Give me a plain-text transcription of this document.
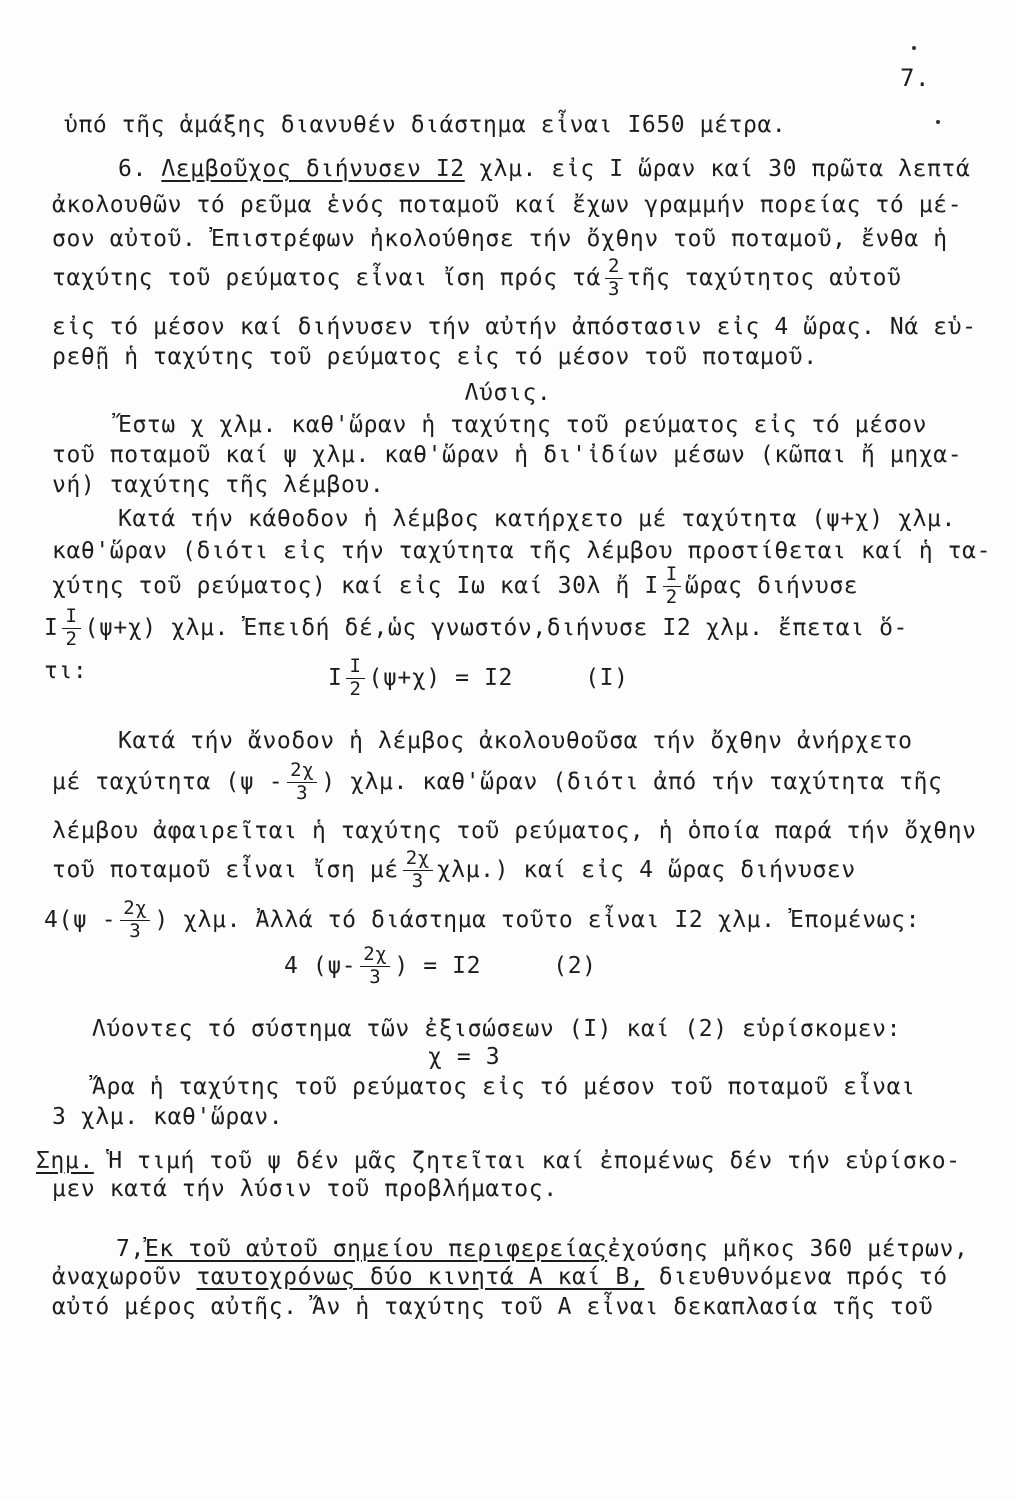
7.
ὑπό τῆς ἁμάξης διανυθέν διάστημα εἶναι Ι650 μέτρα.
6. Λεμβοῦχος διήνυσεν Ι2 χλμ. εἰς Ι ὥραν καί 30 πρῶτα λεπτά
ἀκολουθῶν τό ρεῦμα ἑνός ποταμοῦ καί ἔχων γραμμήν πορείας τό μέ-
σον αὐτοῦ. Ἐπιστρέφων ἠκολούθησε τήν ὄχθην τοῦ ποταμοῦ, ἔνθα ἡ
ταχύτης τοῦ ρεύματος εἶναι ἴση πρός τά $\frac{2}{3}$ τῆς ταχύτητος αὐτοῦ
εἰς τό μέσον καί διήνυσεν τήν αὐτήν ἀπόστασιν εἰς 4 ὥρας. Νά εὑ-
ρεθῇ ἡ ταχύτης τοῦ ρεύματος εἰς τό μέσον τοῦ ποταμοῦ.
Λύσις.
Ἔστω χ χλμ. καθ'ὥραν ἡ ταχύτης τοῦ ρεύματος εἰς τό μέσον
τοῦ ποταμοῦ καί ψ χλμ. καθ'ὥραν ἡ δι'ἰδίων μέσων (κῶπαι ἤ μηχα-
νή) ταχύτης τῆς λέμβου.
Κατά τήν κάθοδον ἡ λέμβος κατήρχετο μέ ταχύτητα (ψ+χ) χλμ.
καθ'ὥραν (διότι εἰς τήν ταχύτητα τῆς λέμβου προστίθεται καί ἡ τα-
χύτης τοῦ ρεύματος) καί εἰς Ιω καί 30λ ἤ Ι $\frac{I}{2}$ ὥρας διήνυσε
Ι $\frac{I}{2} (\psi+\chi)$ χλμ. Ἐπειδή δέ,ὡς γνωστόν,διήνυσε Ι2 χλμ. ἔπεται ὅ-
τι:	Ι $\frac{I}{2} (\psi+\chi) = I2$     (Ι)
Κατά τήν ἄνοδον ἡ λέμβος ἀκολουθοῦσα τήν ὄχθην ἀνήρχετο
μέ ταχύτητα ($\psi - \frac{2\chi}{3}$ ) χλμ. καθ'ὥραν (διότι ἀπό τήν ταχύτητα τῆς
λέμβου ἀφαιρεῖται ἡ ταχύτης τοῦ ρεύματος, ἡ ὁποία παρά τήν ὄχθην
τοῦ ποταμοῦ εἶναι ἴση μέ $\frac{2\chi}{3} \chi\lambda\mu$.) καί εἰς 4 ὥρας διήνυσεν
$4(\psi - \frac{2\chi}{3}$ ) χλμ. Ἀλλά τό διάστημα τοῦτο εἶναι Ι2 χλμ. Ἐπομένως:
4 ($\psi- \frac{2\chi}{3}$ ) = Ι2     (2)
Λύοντες τό σύστημα τῶν ἐξισώσεων (Ι) καί (2) εὑρίσκομεν:
χ = 3
Ἄρα ἡ ταχύτης τοῦ ρεύματος εἰς τό μέσον τοῦ ποταμοῦ εἶναι
3 χλμ. καθ'ὥραν.
Σημ. Ἡ τιμή τοῦ ψ δέν μᾶς ζητεῖται καί ἐπομένως δέν τήν εὑρίσκο-
μεν κατά τήν λύσιν τοῦ προβλήματος.
7,Ἐκ τοῦ αὐτοῦ σημείου περιφερείαςἐχούσης μῆκος 360 μέτρων,
ἀναχωροῦν ταυτοχρόνως δύο κινητά Α καί Β, διευθυνόμενα πρός τό
αὐτό μέρος αὐτῆς. Ἄν ἡ ταχύτης τοῦ Α εἶναι δεκαπλασία τῆς τοῦ
